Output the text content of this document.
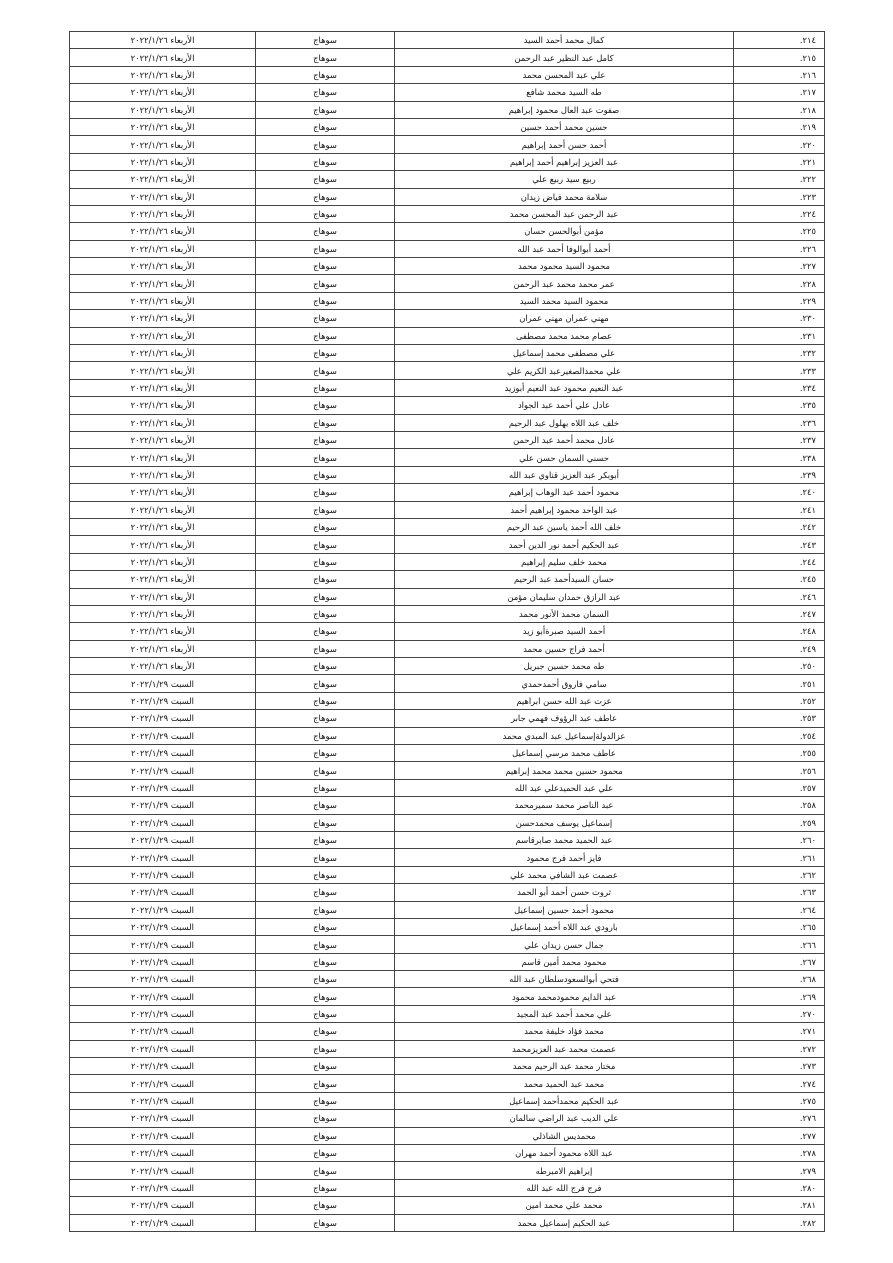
٢١٤.	كمال محمد أحمد السيد	سوهاج	الأربعاء ٢٠٢٢/١/٢٦
٢١٥.	كامل عبد النظير عبد الرحمن	سوهاج	الأربعاء ٢٠٢٢/١/٢٦
٢١٦.	علي عبد المحسن محمد	سوهاج	الأربعاء ٢٠٢٢/١/٢٦
٢١٧.	طه السيد محمد شافع	سوهاج	الأربعاء ٢٠٢٢/١/٢٦
٢١٨.	صفوت عبد العال محمود إبراهيم	سوهاج	الأربعاء ٢٠٢٢/١/٢٦
٢١٩.	حسين محمد أحمد حسين	سوهاج	الأربعاء ٢٠٢٢/١/٢٦
٢٢٠.	أحمد حسن أحمد إبراهيم	سوهاج	الأربعاء ٢٠٢٢/١/٢٦
٢٢١.	عبد العزيز إبراهيم أحمد إبراهيم	سوهاج	الأربعاء ٢٠٢٢/١/٢٦
٢٢٢.	ربيع سيد ربيع علي	سوهاج	الأربعاء ٢٠٢٢/١/٢٦
٢٢٣.	سلامة محمد فياض زيدان	سوهاج	الأربعاء ٢٠٢٢/١/٢٦
٢٢٤.	عبد الرحمن عبد المحسن محمد	سوهاج	الأربعاء ٢٠٢٢/١/٢٦
٢٢٥.	مؤمن أبوالحسن حسان	سوهاج	الأربعاء ٢٠٢٢/١/٢٦
٢٢٦.	أحمد أبوالوفا أحمد عبد الله	سوهاج	الأربعاء ٢٠٢٢/١/٢٦
٢٢٧.	محمود السيد محمود محمد	سوهاج	الأربعاء ٢٠٢٢/١/٢٦
٢٢٨.	عمر محمد محمد عبد الرحمن	سوهاج	الأربعاء ٢٠٢٢/١/٢٦
٢٢٩.	محمود السيد محمد السيد	سوهاج	الأربعاء ٢٠٢٢/١/٢٦
٢٣٠.	مهني عمران مهني عمران	سوهاج	الأربعاء ٢٠٢٢/١/٢٦
٢٣١.	عصام محمد محمد مصطفى	سوهاج	الأربعاء ٢٠٢٢/١/٢٦
٢٣٢.	علي مصطفى محمد إسماعيل	سوهاج	الأربعاء ٢٠٢٢/١/٢٦
٢٣٣.	علي محمدالصغيرعبد الكريم علي	سوهاج	الأربعاء ٢٠٢٢/١/٢٦
٢٣٤.	عبد النعيم محمود عبد النعيم أبوزيد	سوهاج	الأربعاء ٢٠٢٢/١/٢٦
٢٣٥.	عادل علي أحمد عبد الجواد	سوهاج	الأربعاء ٢٠٢٢/١/٢٦
٢٣٦.	خلف عبد اللاه بهلول عبد الرحيم	سوهاج	الأربعاء ٢٠٢٢/١/٢٦
٢٣٧.	عادل محمد أحمد عبد الرحمن	سوهاج	الأربعاء ٢٠٢٢/١/٢٦
٢٣٨.	حسني السمان حسن علي	سوهاج	الأربعاء ٢٠٢٢/١/٢٦
٢٣٩.	أبوبكر عبد العزيز قناوي عبد الله	سوهاج	الأربعاء ٢٠٢٢/١/٢٦
٢٤٠.	محمود أحمد عبد الوهاب إبراهيم	سوهاج	الأربعاء ٢٠٢٢/١/٢٦
٢٤١.	عبد الواحد محمود إبراهيم أحمد	سوهاج	الأربعاء ٢٠٢٢/١/٢٦
٢٤٢.	خلف الله أحمد ياسين عبد الرحيم	سوهاج	الأربعاء ٢٠٢٢/١/٢٦
٢٤٣.	عبد الحكيم أحمد نور الدين أحمد	سوهاج	الأربعاء ٢٠٢٢/١/٢٦
٢٤٤.	محمد خلف سليم إبراهيم	سوهاج	الأربعاء ٢٠٢٢/١/٢٦
٢٤٥.	حسان السيدأحمد عبد الرحيم	سوهاج	الأربعاء ٢٠٢٢/١/٢٦
٢٤٦.	عبد الرازق حمدان سليمان مؤمن	سوهاج	الأربعاء ٢٠٢٢/١/٢٦
٢٤٧.	السمان محمد الأنور محمد	سوهاج	الأربعاء ٢٠٢٢/١/٢٦
٢٤٨.	أحمد السيد صبرةأبو زيد	سوهاج	الأربعاء ٢٠٢٢/١/٢٦
٢٤٩.	أحمد فراج حسين محمد	سوهاج	الأربعاء ٢٠٢٢/١/٢٦
٢٥٠.	طه محمد حسين جبريل	سوهاج	الأربعاء ٢٠٢٢/١/٢٦
٢٥١.	سامي فاروق أحمدحمدي	سوهاج	السبت ٢٠٢٢/١/٢٩
٢٥٢.	عزت عبد الله حسن ابراهيم	سوهاج	السبت ٢٠٢٢/١/٢٩
٢٥٣.	عاطف عبد الرؤوف فهمي جابر	سوهاج	السبت ٢٠٢٢/١/٢٩
٢٥٤.	عزالدولةإسماعيل عبد المبدي محمد	سوهاج	السبت ٢٠٢٢/١/٢٩
٢٥٥.	عاطف محمد مرسي إسماعيل	سوهاج	السبت ٢٠٢٢/١/٢٩
٢٥٦.	محمود حسين محمد محمد إبراهيم	سوهاج	السبت ٢٠٢٢/١/٢٩
٢٥٧.	علي عبد الحميدعلي عبد الله	سوهاج	السبت ٢٠٢٢/١/٢٩
٢٥٨.	عبد الناصر محمد سميرمحمد	سوهاج	السبت ٢٠٢٢/١/٢٩
٢٥٩.	إسماعيل يوسف محمدحسن	سوهاج	السبت ٢٠٢٢/١/٢٩
٢٦٠.	عبد الحميد محمد صابرقاسم	سوهاج	السبت ٢٠٢٢/١/٢٩
٢٦١.	فايز أحمد فرج محمود	سوهاج	السبت ٢٠٢٢/١/٢٩
٢٦٢.	عصمت عبد الشافي محمد علي	سوهاج	السبت ٢٠٢٢/١/٢٩
٢٦٣.	ثروت حسن أحمد أبو الحمد	سوهاج	السبت ٢٠٢٢/١/٢٩
٢٦٤.	محمود أحمد حسين إسماعيل	سوهاج	السبت ٢٠٢٢/١/٢٩
٢٦٥.	بارودي عبد اللاه أحمد إسماعيل	سوهاج	السبت ٢٠٢٢/١/٢٩
٢٦٦.	جمال حسن زيدان علي	سوهاج	السبت ٢٠٢٢/١/٢٩
٢٦٧.	محمود محمد أمين قاسم	سوهاج	السبت ٢٠٢٢/١/٢٩
٢٦٨.	فتحي أبوالسعودسلطان عبد الله	سوهاج	السبت ٢٠٢٢/١/٢٩
٢٦٩.	عبد الدايم محمودمحمد محمود	سوهاج	السبت ٢٠٢٢/١/٢٩
٢٧٠.	علي محمد أحمد عبد المجيد	سوهاج	السبت ٢٠٢٢/١/٢٩
٢٧١.	محمد فؤاد خليفة محمد	سوهاج	السبت ٢٠٢٢/١/٢٩
٢٧٢.	عصمت محمد عبد العزيزمحمد	سوهاج	السبت ٢٠٢٢/١/٢٩
٢٧٣.	مختار محمد عبد الرحيم محمد	سوهاج	السبت ٢٠٢٢/١/٢٩
٢٧٤.	محمد عبد الحميد محمد	سوهاج	السبت ٢٠٢٢/١/٢٩
٢٧٥.	عبد الحكيم محمدأحمد إسماعيل	سوهاج	السبت ٢٠٢٢/١/٢٩
٢٧٦.	علي الديب عبد الراضي سالمان	سوهاج	السبت ٢٠٢٢/١/٢٩
٢٧٧.	محمديس الشاذلي	سوهاج	السبت ٢٠٢٢/١/٢٩
٢٧٨.	عبد اللاه محمود أحمد مهران	سوهاج	السبت ٢٠٢٢/١/٢٩
٢٧٩.	إبراهيم الامبرطه	سوهاج	السبت ٢٠٢٢/١/٢٩
٢٨٠.	فرج فرج الله عبد الله	سوهاج	السبت ٢٠٢٢/١/٢٩
٢٨١.	محمد علي محمد امين	سوهاج	السبت ٢٠٢٢/١/٢٩
٢٨٢.	عبد الحكيم إسماعيل محمد	سوهاج	السبت ٢٠٢٢/١/٢٩
